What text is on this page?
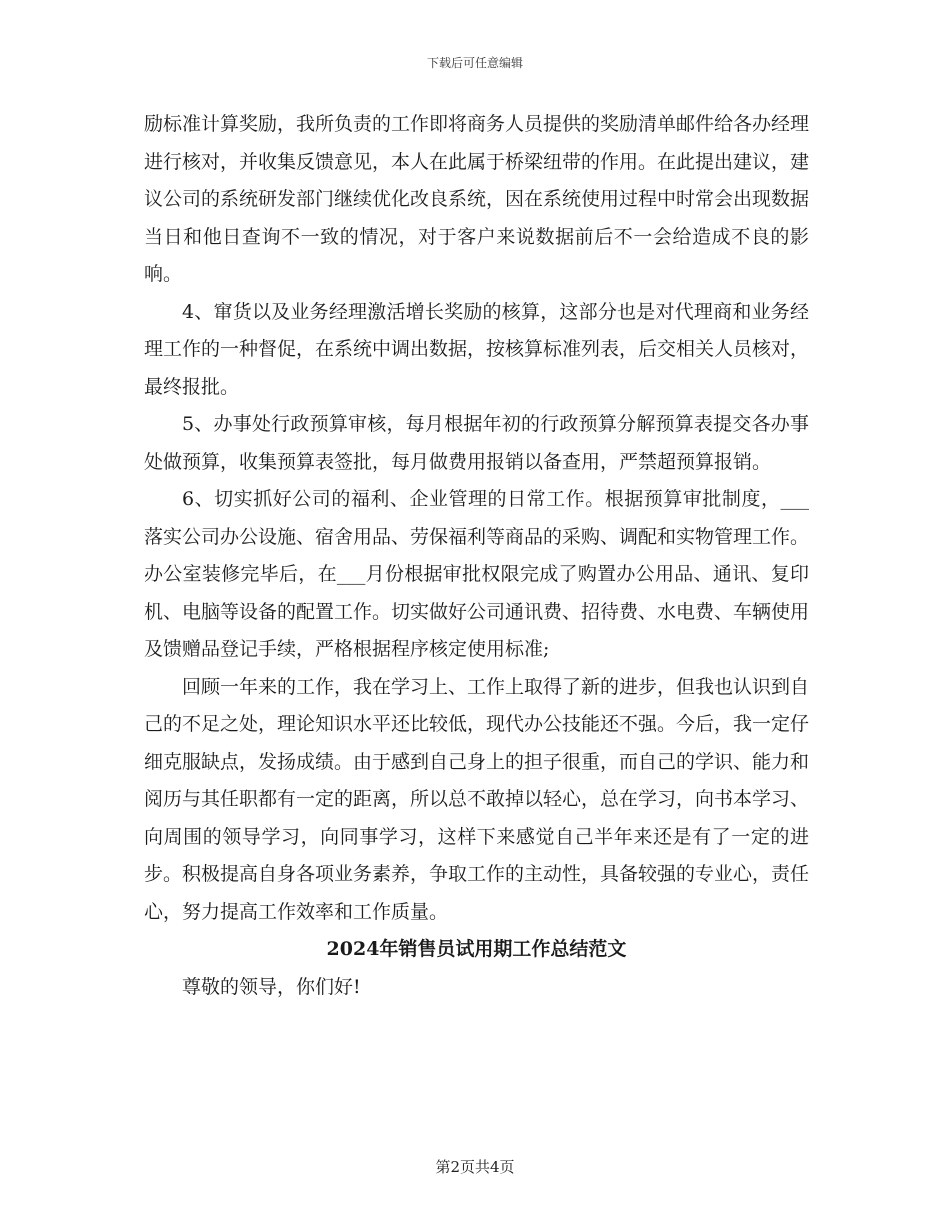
下载后可任意编辑

励标准计算奖励，我所负责的工作即将商务人员提供的奖励清单邮件给各办经理进行核对，并收集反馈意见，本人在此属于桥梁纽带的作用。在此提出建议，建议公司的系统研发部门继续优化改良系统，因在系统使用过程中时常会出现数据当日和他日查询不一致的情况，对于客户来说数据前后不一会给造成不良的影响。

4、窜货以及业务经理激活增长奖励的核算，这部分也是对代理商和业务经理工作的一种督促，在系统中调出数据，按核算标准列表，后交相关人员核对，最终报批。

5、办事处行政预算审核，每月根据年初的行政预算分解预算表提交各办事处做预算，收集预算表签批，每月做费用报销以备查用，严禁超预算报销。

6、切实抓好公司的福利、企业管理的日常工作。根据预算审批制度，___落实公司办公设施、宿舍用品、劳保福利等商品的采购、调配和实物管理工作。办公室装修完毕后，在___月份根据审批权限完成了购置办公用品、通讯、复印机、电脑等设备的配置工作。切实做好公司通讯费、招待费、水电费、车辆使用及馈赠品登记手续，严格根据程序核定使用标准;

回顾一年来的工作，我在学习上、工作上取得了新的进步，但我也认识到自己的不足之处，理论知识水平还比较低，现代办公技能还不强。今后，我一定仔细克服缺点，发扬成绩。由于感到自己身上的担子很重，而自己的学识、能力和阅历与其任职都有一定的距离，所以总不敢掉以轻心，总在学习，向书本学习、向周围的领导学习，向同事学习，这样下来感觉自己半年来还是有了一定的进步。积极提高自身各项业务素养，争取工作的主动性，具备较强的专业心，责任心，努力提高工作效率和工作质量。

2024年销售员试用期工作总结范文

尊敬的领导，你们好!

第2页共4页
